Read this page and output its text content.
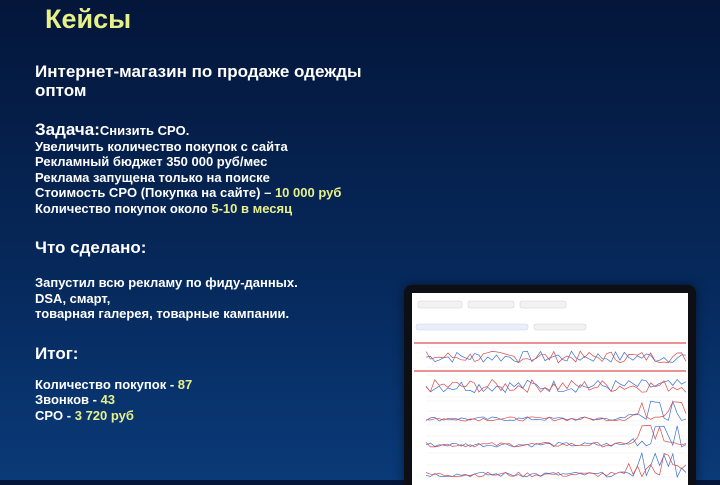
Кейсы
Интернет-магазин по продаже одежды
оптом
Задача:Снизить CPO.
Увеличить количество покупок с сайта
Рекламный бюджет 350 000 руб/мес
Реклама запущена только на поиске
Стоимость CPO (Покупка на сайте) – 10 000 руб
Количество покупок около 5-10 в месяц
Что сделано:
Запустил всю рекламу по фиду-данных.
DSA, смарт,
товарная галерея, товарные кампании.
Итог:
Количество покупок - 87
Звонков - 43
CPO - 3 720 руб
